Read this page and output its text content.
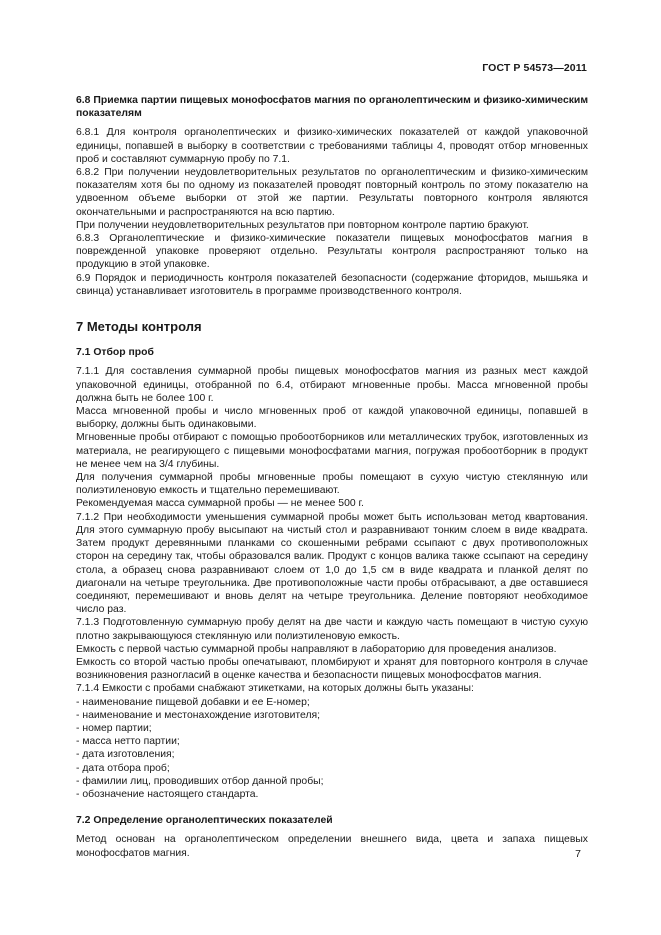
ГОСТ Р 54573—2011

6.8 Приемка партии пищевых монофосфатов магния по органолептическим и физико-химическим показателям

6.8.1 Для контроля органолептических и физико-химических показателей от каждой упаковочной единицы, попавшей в выборку в соответствии с требованиями таблицы 4, проводят отбор мгновенных проб и составляют суммарную пробу по 7.1.

6.8.2 При получении неудовлетворительных результатов по органолептическим и физико-химическим показателям хотя бы по одному из показателей проводят повторный контроль по этому показателю на удвоенном объеме выборки от этой же партии. Результаты повторного контроля являются окончательными и распространяются на всю партию.

При получении неудовлетворительных результатов при повторном контроле партию бракуют.

6.8.3 Органолептические и физико-химические показатели пищевых монофосфатов магния в поврежденной упаковке проверяют отдельно. Результаты контроля распространяют только на продукцию в этой упаковке.

6.9 Порядок и периодичность контроля показателей безопасности (содержание фторидов, мышьяка и свинца) устанавливает изготовитель в программе производственного контроля.

7 Методы контроля

7.1 Отбор проб

7.1.1 Для составления суммарной пробы пищевых монофосфатов магния из разных мест каждой упаковочной единицы, отобранной по 6.4, отбирают мгновенные пробы. Масса мгновенной пробы должна быть не более 100 г.

Масса мгновенной пробы и число мгновенных проб от каждой упаковочной единицы, попавшей в выборку, должны быть одинаковыми.

Мгновенные пробы отбирают с помощью пробоотборников или металлических трубок, изготовленных из материала, не реагирующего с пищевыми монофосфатами магния, погружая пробоотборник в продукт не менее чем на 3/4 глубины.

Для получения суммарной пробы мгновенные пробы помещают в сухую чистую стеклянную или полиэтиленовую емкость и тщательно перемешивают.

Рекомендуемая масса суммарной пробы — не менее 500 г.

7.1.2 При необходимости уменьшения суммарной пробы может быть использован метод квартования. Для этого суммарную пробу высыпают на чистый стол и разравнивают тонким слоем в виде квадрата. Затем продукт деревянными планками со скошенными ребрами ссыпают с двух противоположных сторон на середину так, чтобы образовался валик. Продукт с концов валика также ссыпают на середину стола, а образец снова разравнивают слоем от 1,0 до 1,5 см в виде квадрата и планкой делят по диагонали на четыре треугольника. Две противоположные части пробы отбрасывают, а две оставшиеся соединяют, перемешивают и вновь делят на четыре треугольника. Деление повторяют необходимое число раз.

7.1.3 Подготовленную суммарную пробу делят на две части и каждую часть помещают в чистую сухую плотно закрывающуюся стеклянную или полиэтиленовую емкость.

Емкость с первой частью суммарной пробы направляют в лабораторию для проведения анализов.

Емкость со второй частью пробы опечатывают, пломбируют и хранят для повторного контроля в случае возникновения разногласий в оценке качества и безопасности пищевых монофосфатов магния.

7.1.4 Емкости с пробами снабжают этикетками, на которых должны быть указаны:

- наименование пищевой добавки и ее Е-номер;

- наименование и местонахождение изготовителя;

- номер партии;

- масса нетто партии;

- дата изготовления;

- дата отбора проб;

- фамилии лиц, проводивших отбор данной пробы;

- обозначение настоящего стандарта.

7.2 Определение органолептических показателей

Метод основан на органолептическом определении внешнего вида, цвета и запаха пищевых монофосфатов магния.	7
